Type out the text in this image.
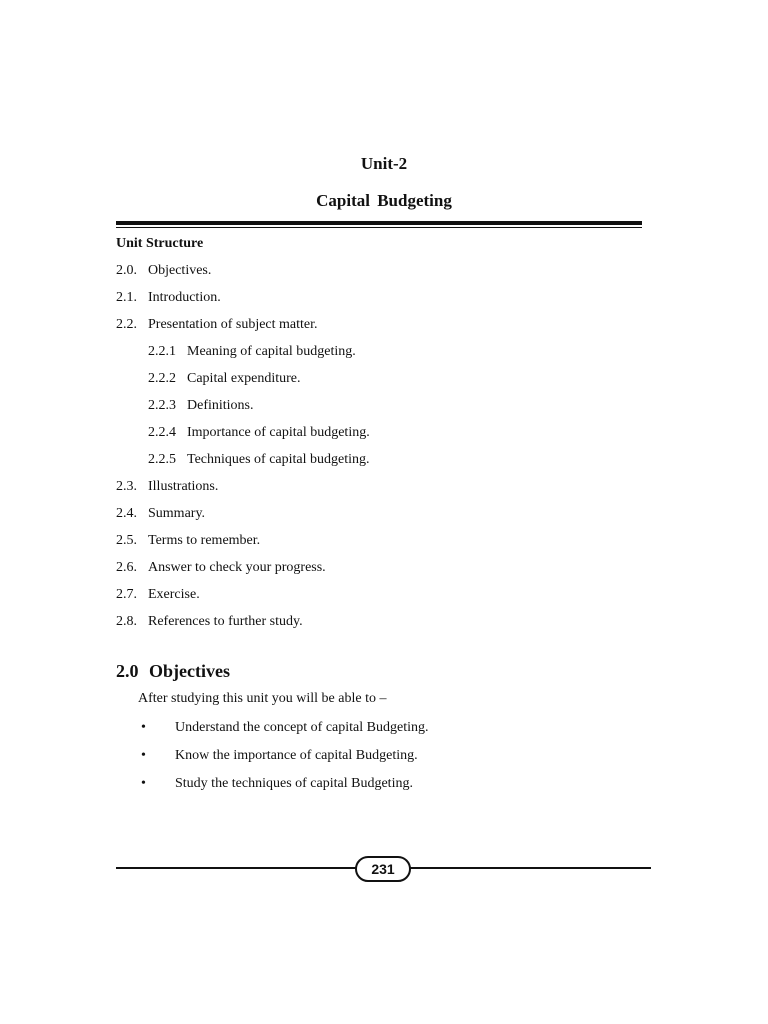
Unit-2
Capital Budgeting
Unit Structure
2.0. Objectives.
2.1. Introduction.
2.2. Presentation of subject matter.
2.2.1 Meaning of capital budgeting.
2.2.2 Capital expenditure.
2.2.3 Definitions.
2.2.4 Importance of capital budgeting.
2.2.5 Techniques of capital budgeting.
2.3. Illustrations.
2.4. Summary.
2.5. Terms to remember.
2.6. Answer to check your progress.
2.7. Exercise.
2.8. References to further study.
2.0 Objectives
After studying this unit you will be able to –
• Understand the concept of capital Budgeting.
• Know the importance of capital Budgeting.
• Study the techniques of capital Budgeting.
231
